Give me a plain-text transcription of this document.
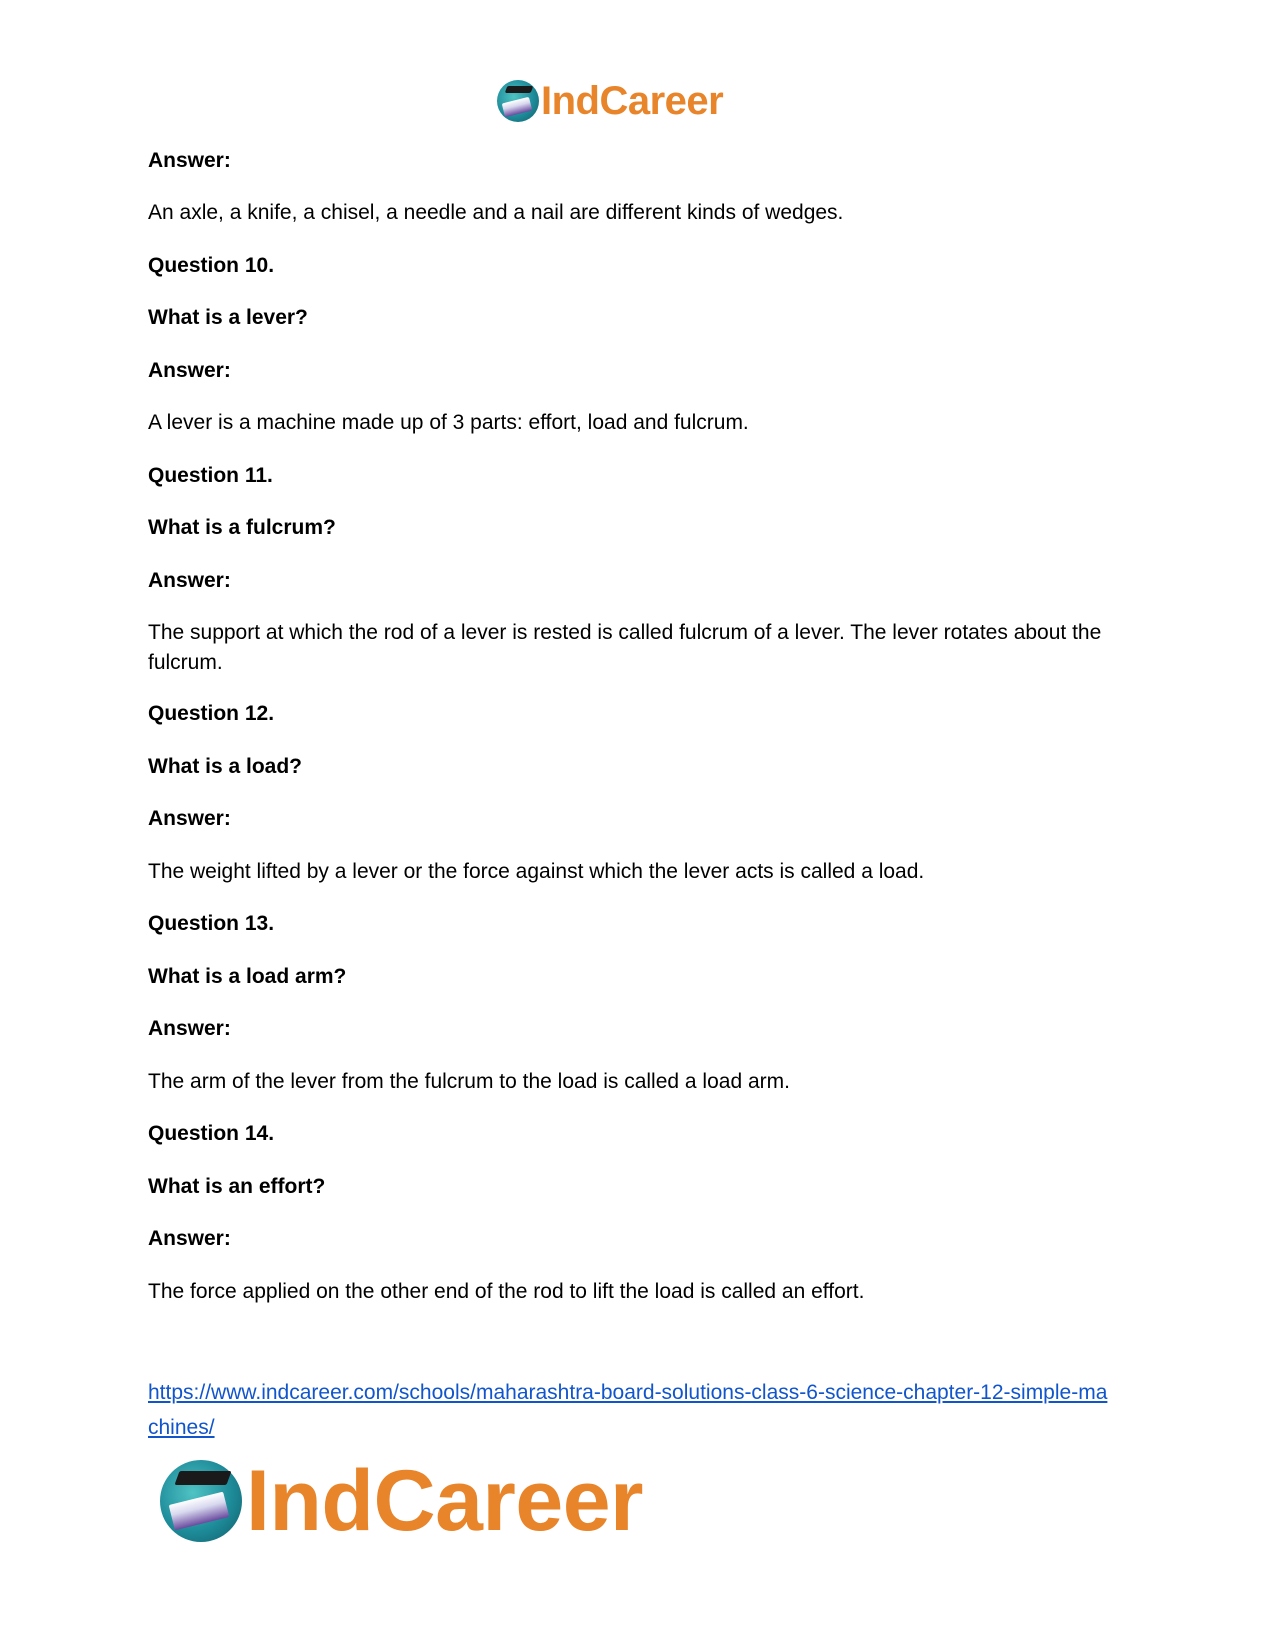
IndCareer

Answer:

An axle, a knife, a chisel, a needle and a nail are different kinds of wedges.

Question 10.

What is a lever?

Answer:

A lever is a machine made up of 3 parts: effort, load and fulcrum.

Question 11.

What is a fulcrum?

Answer:

The support at which the rod of a lever is rested is called fulcrum of a lever. The lever rotates about the fulcrum.

Question 12.

What is a load?

Answer:

The weight lifted by a lever or the force against which the lever acts is called a load.

Question 13.

What is a load arm?

Answer:

The arm of the lever from the fulcrum to the load is called a load arm.

Question 14.

What is an effort?

Answer:

The force applied on the other end of the rod to lift the load is called an effort.

https://www.indcareer.com/schools/maharashtra-board-solutions-class-6-science-chapter-12-simple-machines/
IndCareer
